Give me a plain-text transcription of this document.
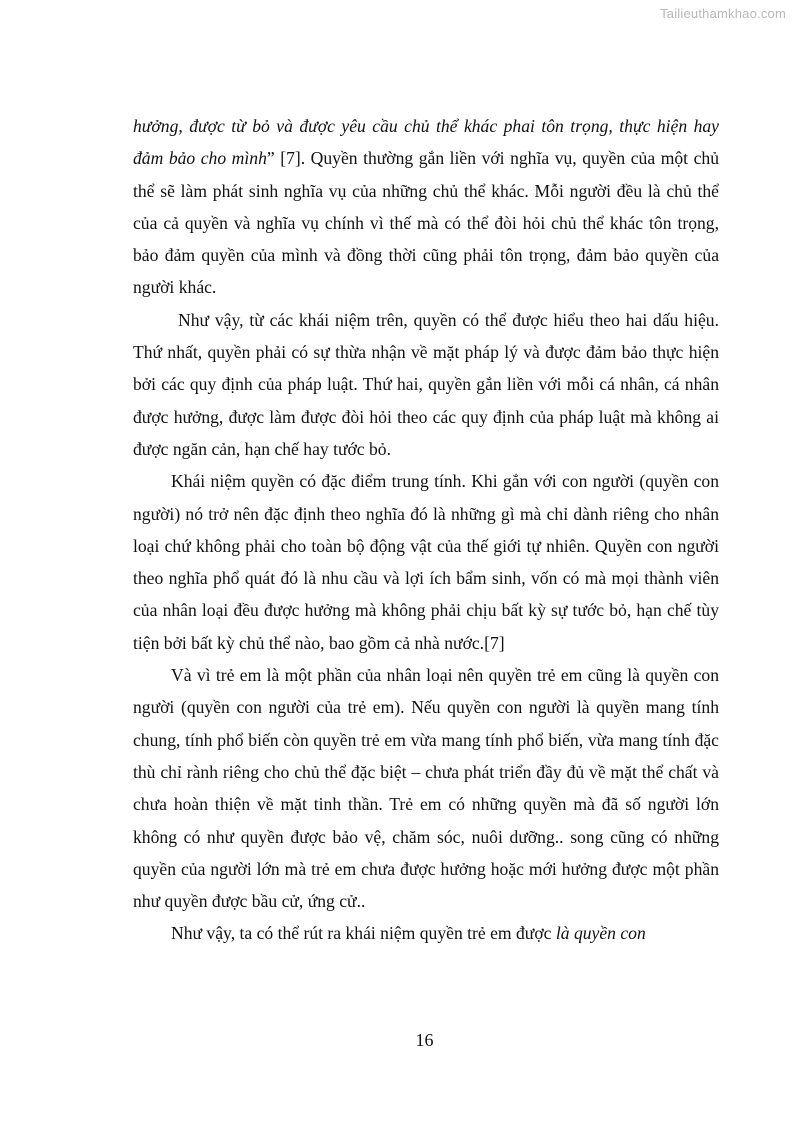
Tailieuthamkhao.com

hưởng, được từ bỏ và được yêu cầu chủ thể khác phai tôn trọng, thực hiện hay đảm bảo cho mình” [7]. Quyền thường gắn liền với nghĩa vụ, quyền của một chủ thể sẽ làm phát sinh nghĩa vụ của những chủ thể khác. Mỗi người đều là chủ thể của cả quyền và nghĩa vụ chính vì thế mà có thể đòi hỏi chủ thể khác tôn trọng, bảo đảm quyền của mình và đồng thời cũng phải tôn trọng, đảm bảo quyền của người khác.

Như vậy, từ các khái niệm trên, quyền có thể được hiểu theo hai dấu hiệu. Thứ nhất, quyền phải có sự thừa nhận về mặt pháp lý và được đảm bảo thực hiện bởi các quy định của pháp luật. Thứ hai, quyền gắn liền với mỗi cá nhân, cá nhân được hưởng, được làm được đòi hỏi theo các quy định của pháp luật mà không ai được ngăn cản, hạn chế hay tước bỏ.

Khái niệm quyền có đặc điểm trung tính. Khi gắn với con người (quyền con người) nó trở nên đặc định theo nghĩa đó là những gì mà chỉ dành riêng cho nhân loại chứ không phải cho toàn bộ động vật của thế giới tự nhiên. Quyền con người theo nghĩa phổ quát đó là nhu cầu và lợi ích bẩm sinh, vốn có mà mọi thành viên của nhân loại đều được hưởng mà không phải chịu bất kỳ sự tước bỏ, hạn chế tùy tiện bởi bất kỳ chủ thể nào, bao gồm cả nhà nước.[7]

Và vì trẻ em là một phần của nhân loại nên quyền trẻ em cũng là quyền con người (quyền con người của trẻ em). Nếu quyền con người là quyền mang tính chung, tính phổ biến còn quyền trẻ em vừa mang tính phổ biến, vừa mang tính đặc thù chỉ rành riêng cho chủ thể đặc biệt – chưa phát triển đầy đủ về mặt thể chất và chưa hoàn thiện về mặt tinh thần. Trẻ em có những quyền mà đã số người lớn không có như quyền được bảo vệ, chăm sóc, nuôi dưỡng.. song cũng có những quyền của người lớn mà trẻ em chưa được hưởng hoặc mới hưởng được một phần như quyền được bầu cử, ứng cử..

Như vậy, ta có thể rút ra khái niệm quyền trẻ em được là quyền con

16
